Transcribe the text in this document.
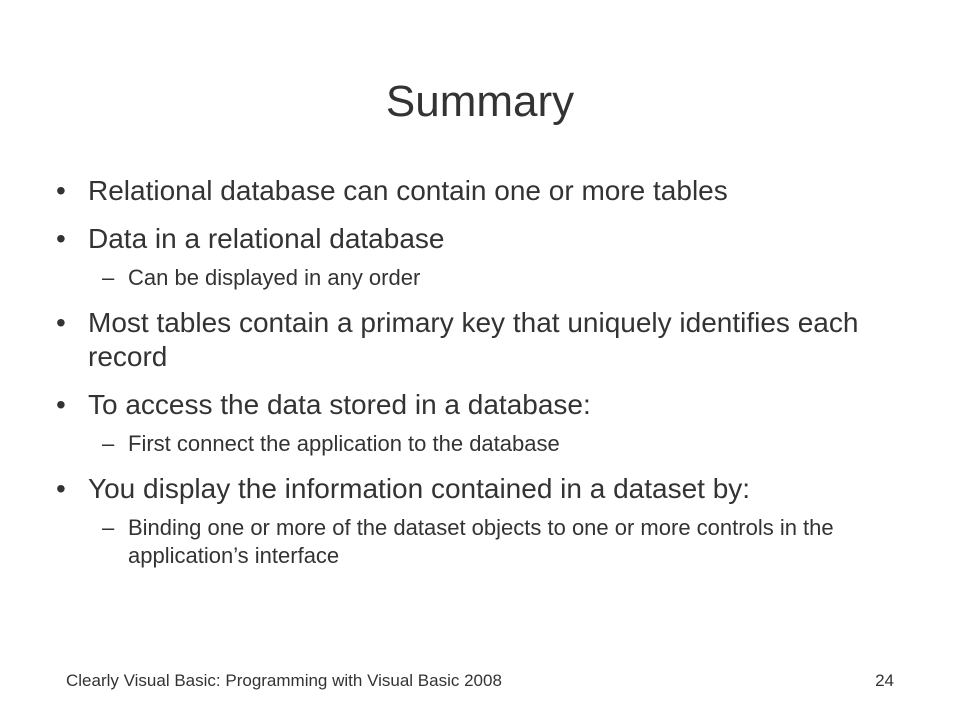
Summary
• Relational database can contain one or more tables
• Data in a relational database
– Can be displayed in any order
• Most tables contain a primary key that uniquely identifies each record
• To access the data stored in a database:
– First connect the application to the database
• You display the information contained in a dataset by:
– Binding one or more of the dataset objects to one or more controls in the application’s interface
Clearly Visual Basic: Programming with Visual Basic 2008	24
